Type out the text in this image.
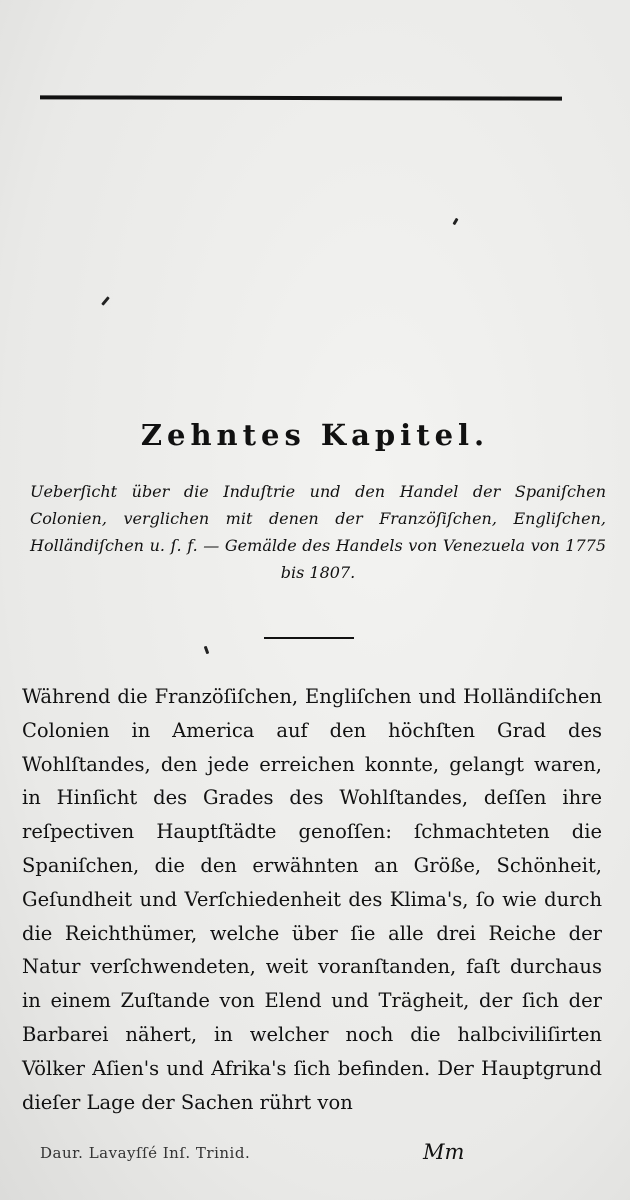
Zehntes Kapitel.
Ueberſicht über die Induſtrie und den Handel der Spaniſchen Colonien, verglichen mit denen der Franzöſiſchen, Engliſchen, Holländiſchen u. ſ. f. — Gemälde des Handels von Venezuela von 1775 bis 1807.
Während die Franzöſiſchen, Engliſchen und Holländiſchen Colonien in America auf den höchſten Grad des Wohlſtandes, den jede erreichen konnte, gelangt waren, in Hinſicht des Grades des Wohlſtandes, deſſen ihre reſpectiven Hauptſtädte genoſſen: ſchmachteten die Spaniſchen, die den erwähnten an Größe, Schönheit, Geſundheit und Verſchiedenheit des Klima's, ſo wie durch die Reichthümer, welche über ſie alle drei Reiche der Natur verſchwendeten, weit voranſtanden, faſt durchaus in einem Zuſtande von Elend und Trägheit, der ſich der Barbarei nähert, in welcher noch die halbciviliſirten Völker Aſien's und Afrika's ſich befinden. Der Hauptgrund dieſer Lage der Sachen rührt von
Daur. Lavayſſé Inſ. Trinid.	Mm
